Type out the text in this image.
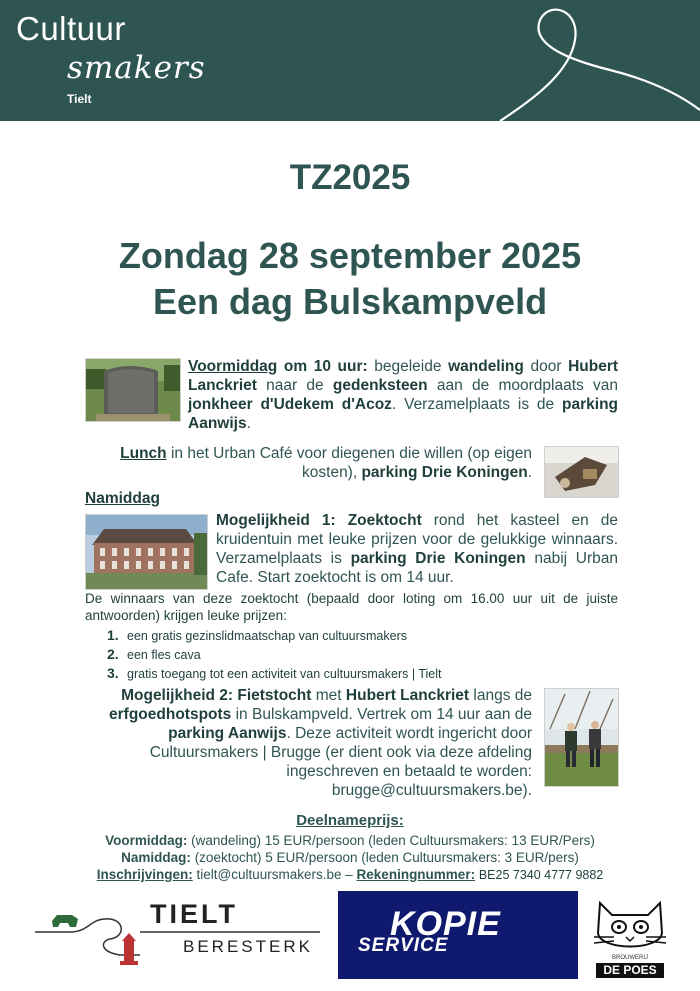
Cultuur
smakers
Tielt
TZ2025
Zondag 28 september 2025
Een dag Bulskampveld
Voormiddag om 10 uur: begeleide wandeling door Hubert Lanckriet naar de gedenksteen aan de moordplaats van jonkheer d'Udekem d'Acoz. Verzamelplaats is de parking Aanwijs.
Lunch in het Urban Café voor diegenen die willen (op eigen kosten), parking Drie Koningen.
Namiddag
Mogelijkheid 1: Zoektocht rond het kasteel en de kruidentuin met leuke prijzen voor de gelukkige winnaars. Verzamelplaats is parking Drie Koningen nabij Urban Cafe. Start zoektocht is om 14 uur.
De winnaars van deze zoektocht (bepaald door loting om 16.00 uur uit de juiste antwoorden) krijgen leuke prijzen:
1. een gratis gezinslidmaatschap van cultuursmakers
2. een fles cava
3. gratis toegang tot een activiteit van cultuursmakers | Tielt
Mogelijkheid 2: Fietstocht met Hubert Lanckriet langs de erfgoedhotspots in Bulskampveld. Vertrek om 14 uur aan de parking Aanwijs. Deze activiteit wordt ingericht door Cultuursmakers | Brugge (er dient ook via deze afdeling ingeschreven en betaald te worden: brugge@cultuursmakers.be).
Deelnameprijs:
Voormiddag: (wandeling) 15 EUR/persoon (leden Cultuursmakers: 13 EUR/Pers)
Namiddag: (zoektocht) 5 EUR/persoon (leden Cultuursmakers: 3 EUR/pers)
Inschrijvingen: tielt@cultuursmakers.be – Rekeningnummer: BE25 7340 4777 9882
TIELT
BERESTERK
KOPIE
SERVICE
BROUWERIJ
DE POES
